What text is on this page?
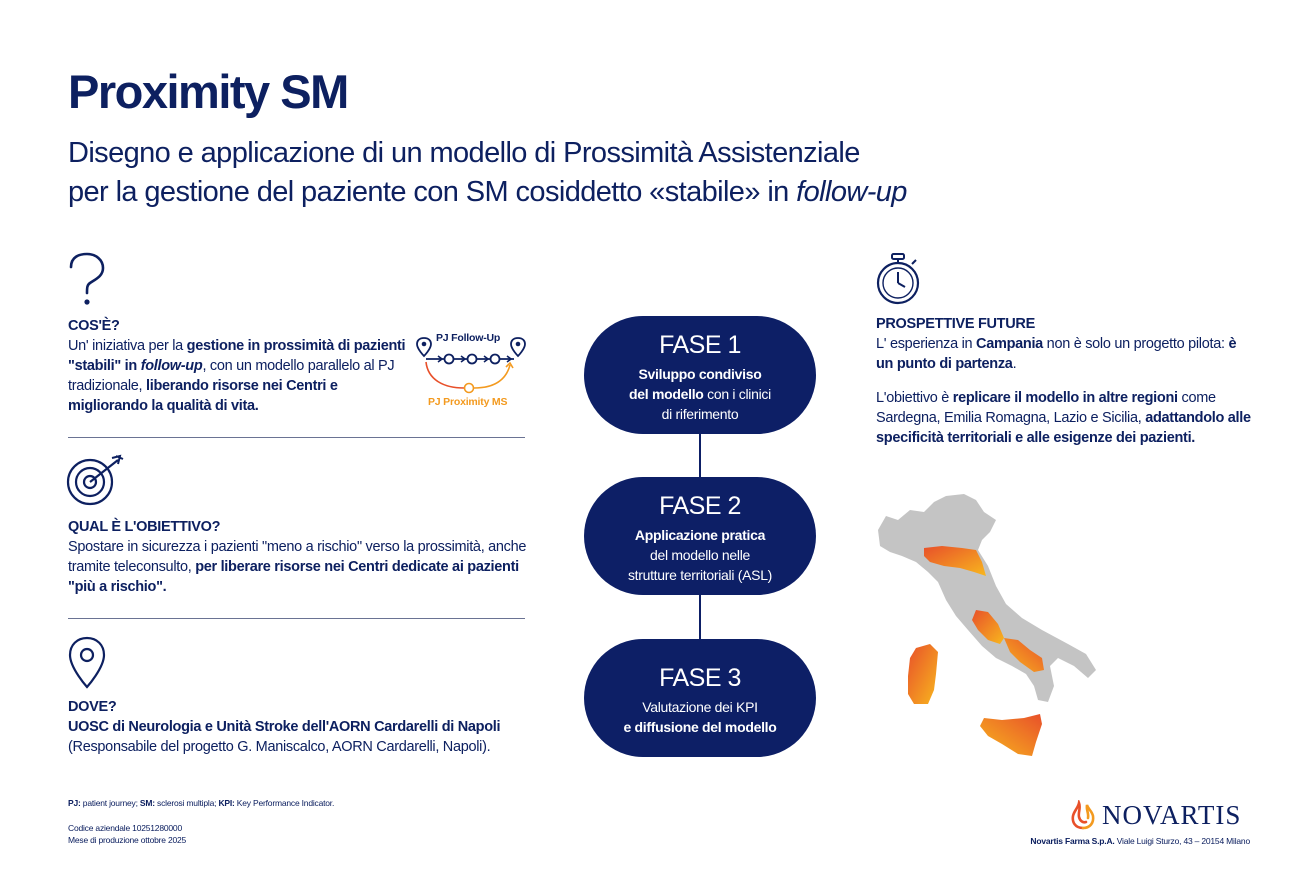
Proximity SM
Disegno e applicazione di un modello di Prossimità Assistenziale
per la gestione del paziente con SM cosiddetto «stabile» in follow-up

COS'È?

Un' iniziativa per la gestione in prossimità di pazienti "stabili" in follow-up, con un modello parallelo al PJ tradizionale, liberando risorse nei Centri e migliorando la qualità di vita.

PJ Follow-Up
PJ Proximity MS

QUAL È L'OBIETTIVO?

Spostare in sicurezza i pazienti "meno a rischio" verso la prossimità, anche tramite teleconsulto, per liberare risorse nei Centri dedicate ai pazienti "più a rischio".

DOVE?

UOSC di Neurologia e Unità Stroke dell'AORN Cardarelli di Napoli

(Responsabile del progetto G. Maniscalco, AORN Cardarelli, Napoli).

FASE 1
Sviluppo condiviso
del modello con i clinici
di riferimento
FASE 2
Applicazione pratica
del modello nelle
strutture territoriali (ASL)
FASE 3
Valutazione dei KPI
e diffusione del modello

PROSPETTIVE FUTURE

L' esperienza in Campania non è solo un progetto pilota: è un punto di partenza.

L'obiettivo è replicare il modello in altre regioni come Sardegna, Emilia Romagna, Lazio e Sicilia, adattandolo alle specificità territoriali e alle esigenze dei pazienti.

PJ: patient journey; SM: sclerosi multipla; KPI: Key Performance Indicator.
Codice aziendale 10251280000
Mese di produzione ottobre 2025
NOVARTIS
Novartis Farma S.p.A. Viale Luigi Sturzo, 43 – 20154 Milano
